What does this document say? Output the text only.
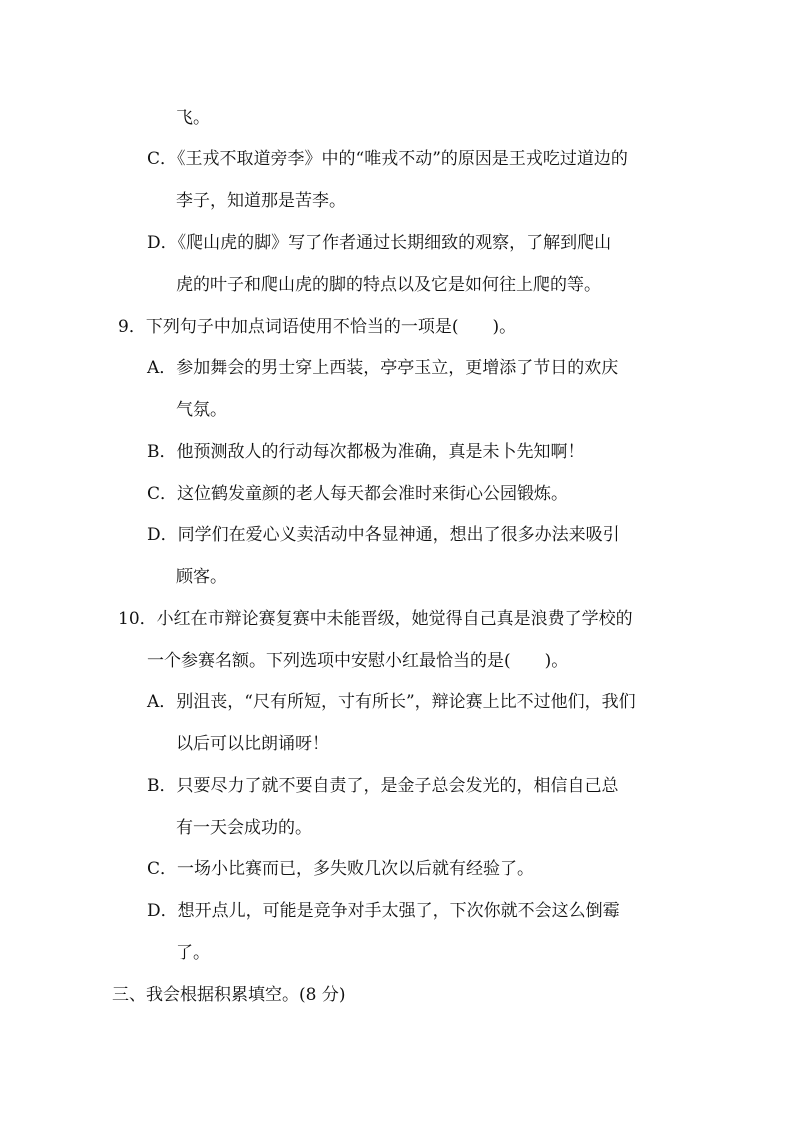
飞。
C．《王戎不取道旁李》中的“唯戎不动”的原因是王戎吃过道边的
李子，知道那是苦李。
D．《爬山虎的脚》写了作者通过长期细致的观察，了解到爬山
虎的叶子和爬山虎的脚的特点以及它是如何往上爬的等。
9．下列句子中加点词语使用不恰当的一项是(　　)。
A．参加舞会的男士穿上西装，亭亭玉立，更增添了节日的欢庆
气氛。
B．他预测敌人的行动每次都极为准确，真是未卜先知啊！
C．这位鹤发童颜的老人每天都会准时来街心公园锻炼。
D．同学们在爱心义卖活动中各显神通，想出了很多办法来吸引
顾客。
10．小红在市辩论赛复赛中未能晋级，她觉得自己真是浪费了学校的
一个参赛名额。下列选项中安慰小红最恰当的是(　　)。
A．别沮丧，“尺有所短，寸有所长”，辩论赛上比不过他们，我们
以后可以比朗诵呀！
B．只要尽力了就不要自责了，是金子总会发光的，相信自己总
有一天会成功的。
C．一场小比赛而已，多失败几次以后就有经验了。
D．想开点儿，可能是竞争对手太强了，下次你就不会这么倒霉
了。
三、我会根据积累填空。(8 分)
